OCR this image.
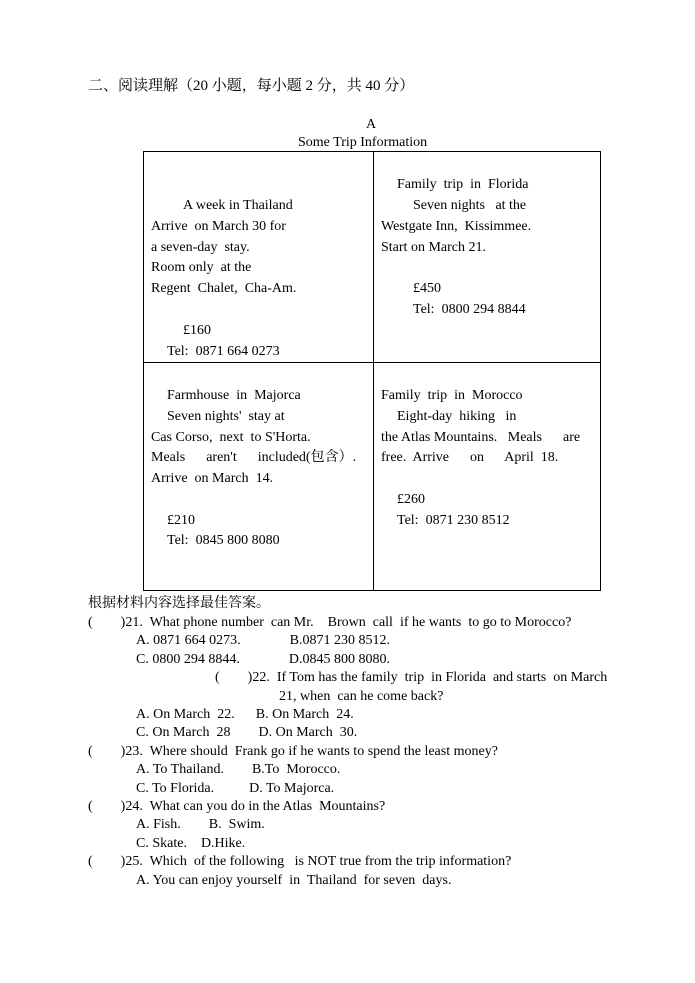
二、阅读理解（20 小题，每小题 2 分，共 40 分）
A
Some Trip Information
A week in Thailand
Arrive  on March 30 for
a seven-day  stay.
Room only  at the
Regent  Chalet,  Cha-Am.
£160
Tel:  0871 664 0273
Family  trip  in  Florida
Seven nights   at the
Westgate Inn,  Kissimmee.
Start on March 21.
£450
Tel:  0800 294 8844
Farmhouse  in  Majorca
Seven nights'  stay at
Cas Corso,  next  to S'Horta.
Meals      aren't      included(包含）.
Arrive  on March  14.
£210
Tel:  0845 800 8080
Family  trip  in  Morocco
Eight-day  hiking   in
the Atlas Mountains.   Meals      are
free.  Arrive      on      April  18.
£260
Tel:  0871 230 8512
根据材料内容选择最佳答案。
(        )21.  What phone number  can Mr.    Brown  call  if he wants  to go to Morocco?
A. 0871 664 0273.              B.0871 230 8512.
C. 0800 294 8844.              D.0845 800 8080.
(        )22.  If Tom has the family  trip  in Florida  and starts  on March
21, when  can he come back?
A. On March  22.      B. On March  24.
C. On March  28        D. On March  30.
(        )23.  Where should  Frank go if he wants to spend the least money?
A. To Thailand.        B.To  Morocco.
C. To Florida.          D. To Majorca.
(        )24.  What can you do in the Atlas  Mountains?
A. Fish.        B.  Swim.
C. Skate.    D.Hike.
(        )25.  Which  of the following   is NOT true from the trip information?
A. You can enjoy yourself  in  Thailand  for seven  days.
